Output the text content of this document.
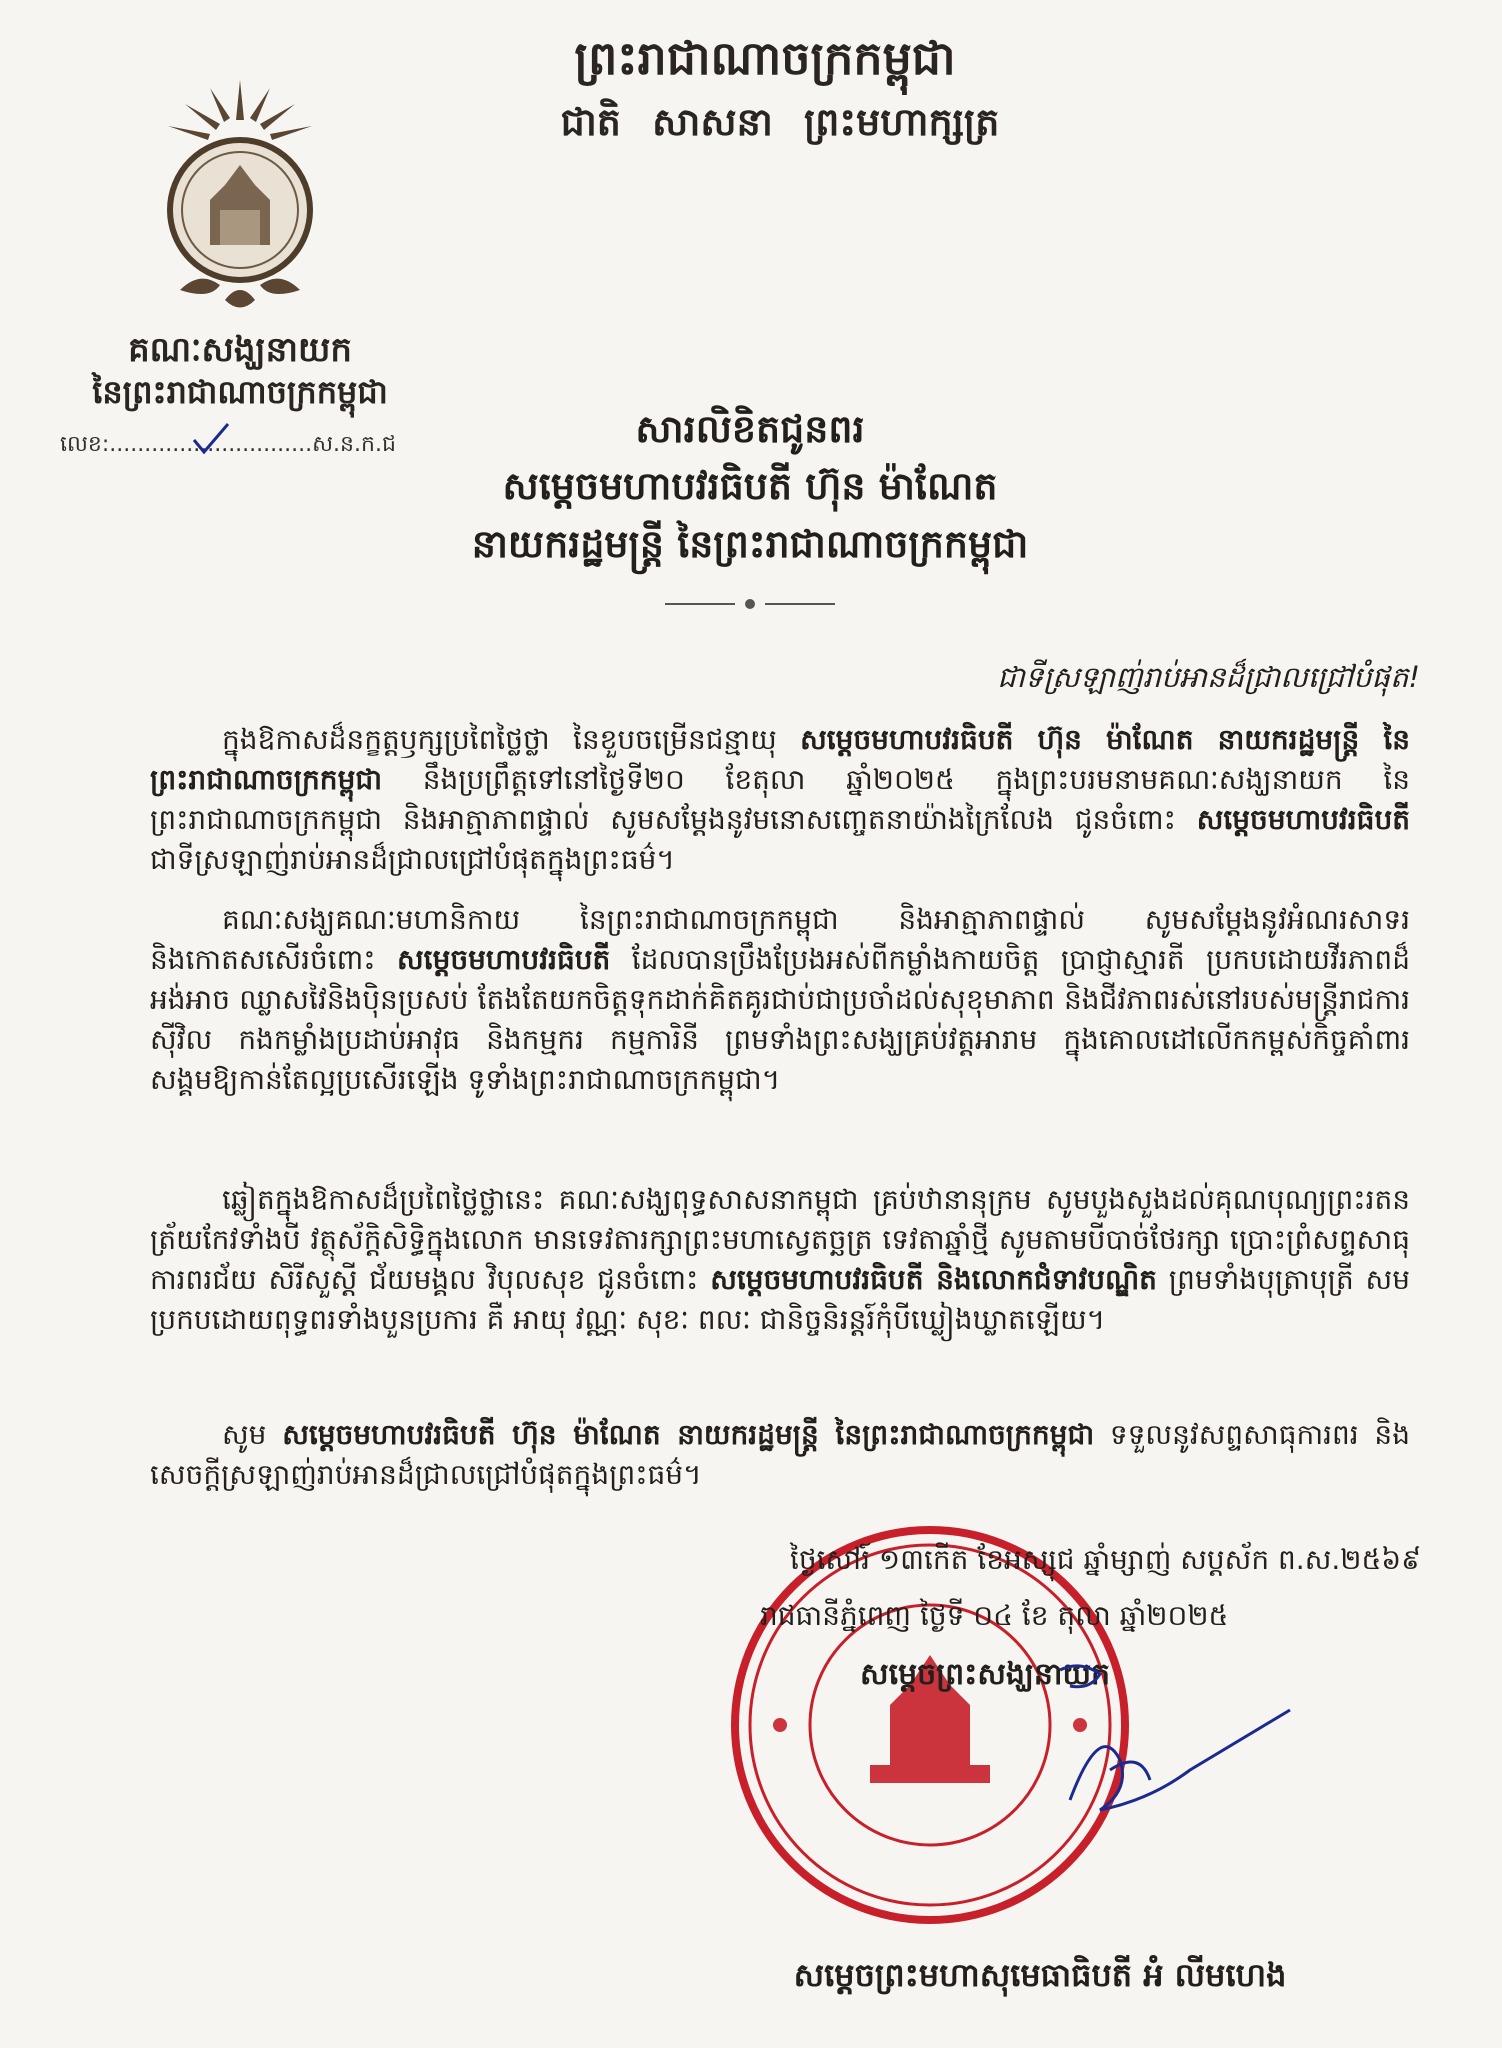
ព្រះរាជាណាចក្រកម្ពុជា
ជាតិ សាសនា ព្រះមហាក្សត្រ
គណៈសង្ឃនាយក
នៃព្រះរាជាណាចក្រកម្ពុជា
លេខ:.............................ស.ន.ក.ជ	សារលិខិតជូនពរ
សម្តេចមហាបវរធិបតី ហ៊ុន ម៉ាណែត
នាយករដ្ឋមន្ត្រី នៃព្រះរាជាណាចក្រកម្ពុជា
ជាទីស្រឡាញ់រាប់អានដ៏ជ្រាលជ្រៅបំផុត!
ក្នុងឱកាសដ៏នក្ខត្តឫក្សប្រពៃថ្លៃថ្លា នៃខួបចម្រើនជន្មាយុ សម្តេចមហាបវរធិបតី ហ៊ុន ម៉ាណែត នាយករដ្ឋមន្ត្រី នៃព្រះរាជាណាចក្រកម្ពុជា នឹងប្រព្រឹត្តទៅនៅថ្ងៃទី២០ ខែតុលា ឆ្នាំ២០២៥ ក្នុងព្រះបរមនាមគណៈសង្ឃនាយក នៃព្រះរាជាណាចក្រកម្ពុជា និងអាត្មាភាពផ្ទាល់ សូមសម្តែងនូវមនោសញ្ចេតនាយ៉ាងក្រៃលែង ជូនចំពោះ សម្តេចមហាបវរធិបតី ជាទីស្រឡាញ់រាប់អានដ៏ជ្រាលជ្រៅបំផុតក្នុងព្រះធម៌។
គណៈសង្ឃគណៈមហានិកាយ នៃព្រះរាជាណាចក្រកម្ពុជា និងអាត្មាភាពផ្ទាល់ សូមសម្តែងនូវអំណរសាទរ និងកោតសសើរចំពោះ សម្តេចមហាបវរធិបតី ដែលបានប្រឹងប្រែងអស់ពីកម្លាំងកាយចិត្ត ប្រាជ្ញាស្មារតី ប្រកបដោយវីរភាពដ៏អង់អាច ឈ្លាសវៃនិងប៉ិនប្រសប់ តែងតែយកចិត្តទុកដាក់គិតគូរជាប់ជាប្រចាំដល់សុខុមាភាព និងជីវភាពរស់នៅរបស់មន្ត្រីរាជការស៊ីវិល កងកម្លាំងប្រដាប់អាវុធ និងកម្មករ កម្មការិនី ព្រមទាំងព្រះសង្ឃគ្រប់វត្តអារាម ក្នុងគោលដៅលើកកម្ពស់កិច្ចគាំពារសង្គមឱ្យកាន់តែល្អប្រសើរឡើង ទូទាំងព្រះរាជាណាចក្រកម្ពុជា។
ឆ្លៀតក្នុងឱកាសដ៏ប្រពៃថ្លៃថ្លានេះ គណៈសង្ឃពុទ្ធសាសនាកម្ពុជា គ្រប់ឋានានុក្រម សូមបួងសួងដល់គុណបុណ្យព្រះរតនត្រ័យកែវទាំងបី វត្ថុស័ក្តិសិទ្ធិក្នុងលោក មានទេវតារក្សាព្រះមហាស្វេតច្ឆត្រ ទេវតាឆ្នាំថ្មី សូមតាមបីបាច់ថែរក្សា ប្រោះព្រំសព្ទសាធុការពរជ័យ សិរីសួស្តី ជ័យមង្គល វិបុលសុខ ជូនចំពោះ សម្តេចមហាបវរធិបតី និងលោកជំទាវបណ្ឌិត ព្រមទាំងបុត្រាបុត្រី សមប្រកបដោយពុទ្ធពរទាំងបួនប្រការ គឺ អាយុ វណ្ណៈ សុខៈ ពលៈ ជានិច្ចនិរន្តរ៍កុំបីឃ្លៀងឃ្លាតឡើយ។
សូម សម្តេចមហាបវរធិបតី ហ៊ុន ម៉ាណែត នាយករដ្ឋមន្ត្រី នៃព្រះរាជាណាចក្រកម្ពុជា ទទួលនូវសព្ទសាធុការពរ និងសេចក្តីស្រឡាញ់រាប់អានដ៏ជ្រាលជ្រៅបំផុតក្នុងព្រះធម៌។
ថ្ងៃសៅរ៍ ១៣កើត ខែអស្សុជ ឆ្នាំម្សាញ់ សប្តស័ក ព.ស.២៥៦៩
រាជធានីភ្នំពេញ ថ្ងៃទី ០៤ ខែ តុលា ឆ្នាំ២០២៥
សម្តេចព្រះសង្ឃនាយក
សម្តេចព្រះមហាសុមេធាធិបតី អំ លីមហេង
